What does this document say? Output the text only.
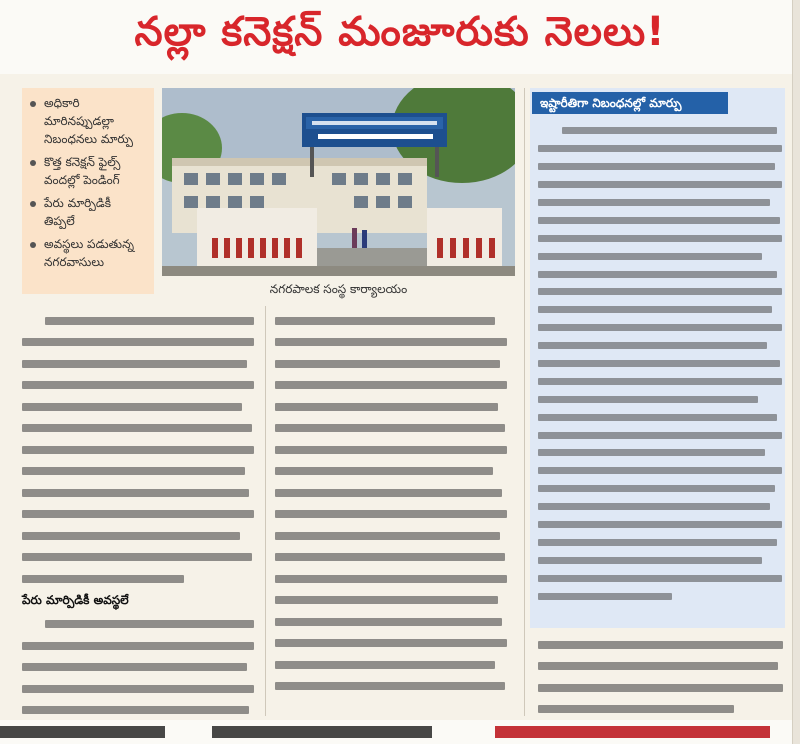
నల్లా కనెక్షన్ మంజూరుకు నెలలు!
అధికారి
మారినప్పుడల్లా
నిబంధనలు మార్పు
కొత్త కనెక్షన్ ఫైల్స్
వందల్లో పెండింగ్
పేరు మార్పిడికీ
తిప్పలే
అవస్థలు పడుతున్న
నగరవాసులు
నగరపాలక సంస్థ కార్యాలయం
ఇష్టారీతిగా నిబంధనల్లో మార్పు
పేరు మార్పిడికీ అవస్థలే
